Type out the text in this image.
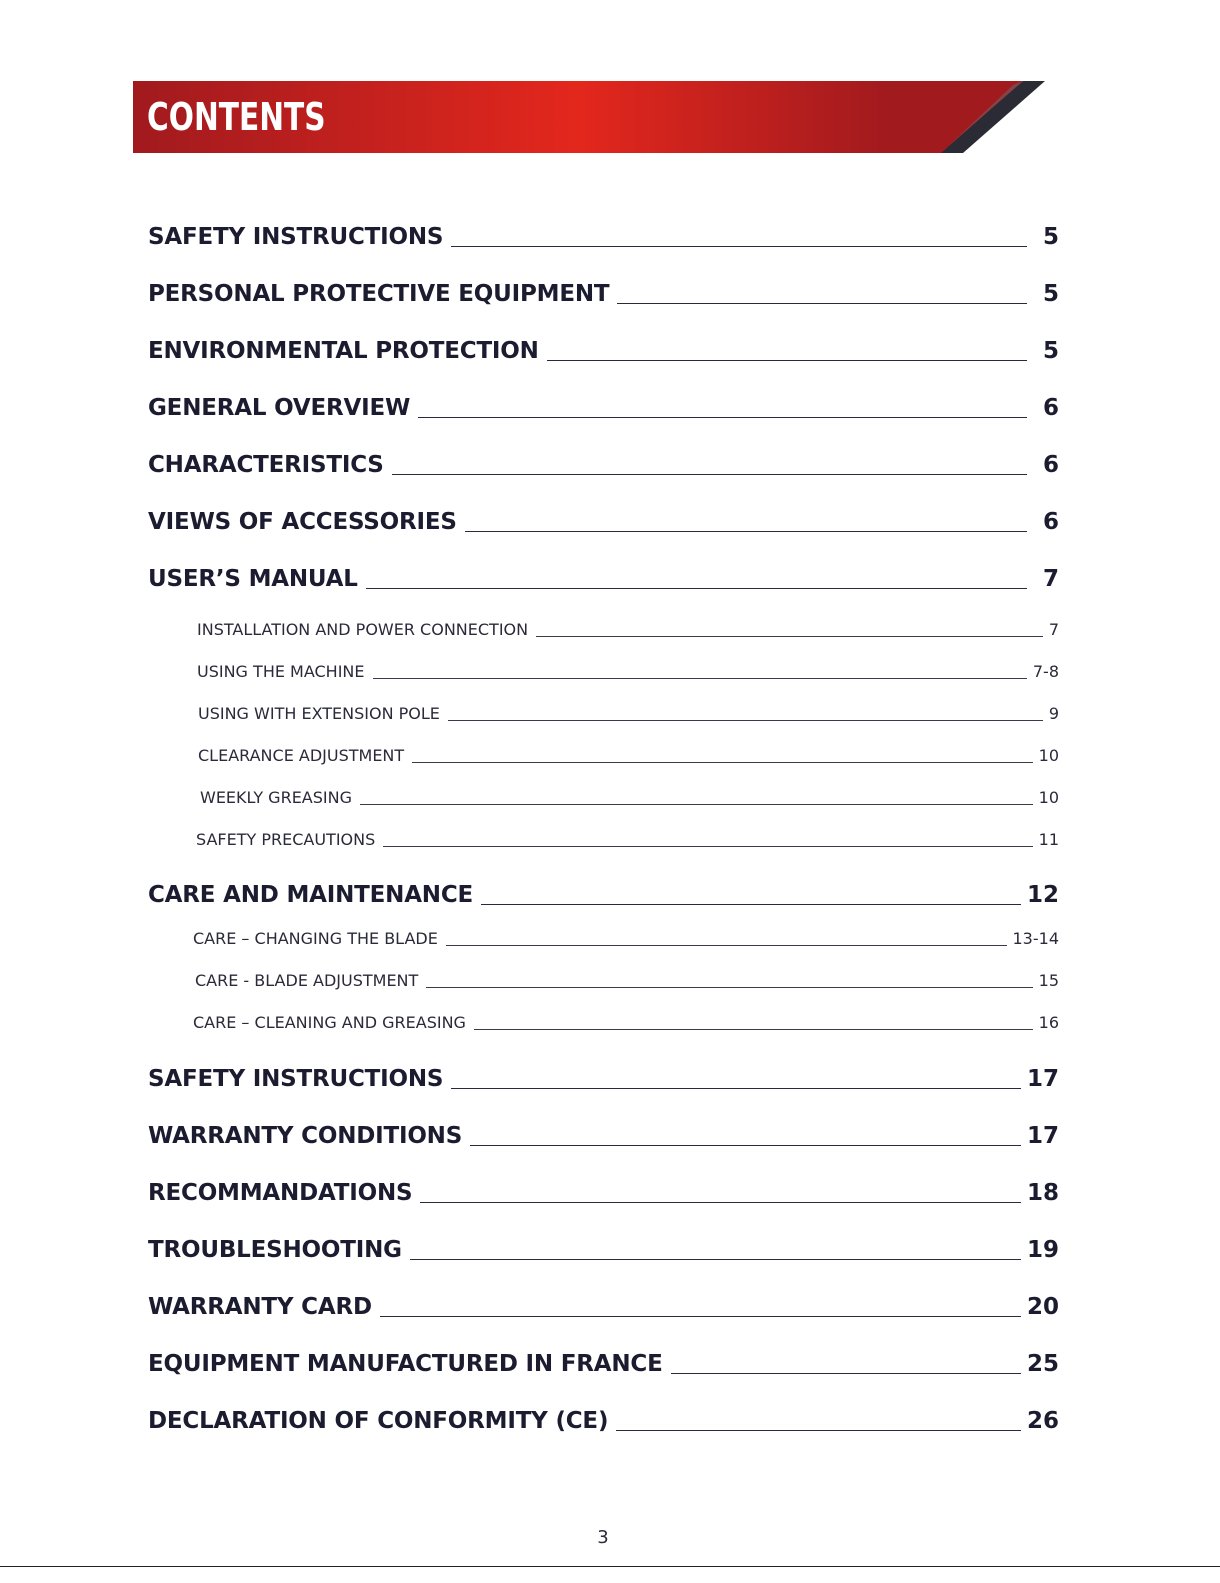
CONTENTS
SAFETY INSTRUCTIONS	5
PERSONAL PROTECTIVE EQUIPMENT	5
ENVIRONMENTAL PROTECTION	5
GENERAL OVERVIEW	6
CHARACTERISTICS	6
VIEWS OF ACCESSORIES	6
USER’S MANUAL	7
INSTALLATION AND POWER CONNECTION	7
USING THE MACHINE	7-8
USING WITH EXTENSION POLE	9
CLEARANCE ADJUSTMENT	10
WEEKLY GREASING	10
SAFETY PRECAUTIONS	11
CARE AND MAINTENANCE	12
CARE – CHANGING THE BLADE	13-14
CARE - BLADE ADJUSTMENT	15
CARE – CLEANING AND GREASING	16
SAFETY INSTRUCTIONS	17
WARRANTY CONDITIONS	17
RECOMMANDATIONS	18
TROUBLESHOOTING	19
WARRANTY CARD	20
EQUIPMENT MANUFACTURED IN FRANCE	25
DECLARATION OF CONFORMITY (CE)	26
3
